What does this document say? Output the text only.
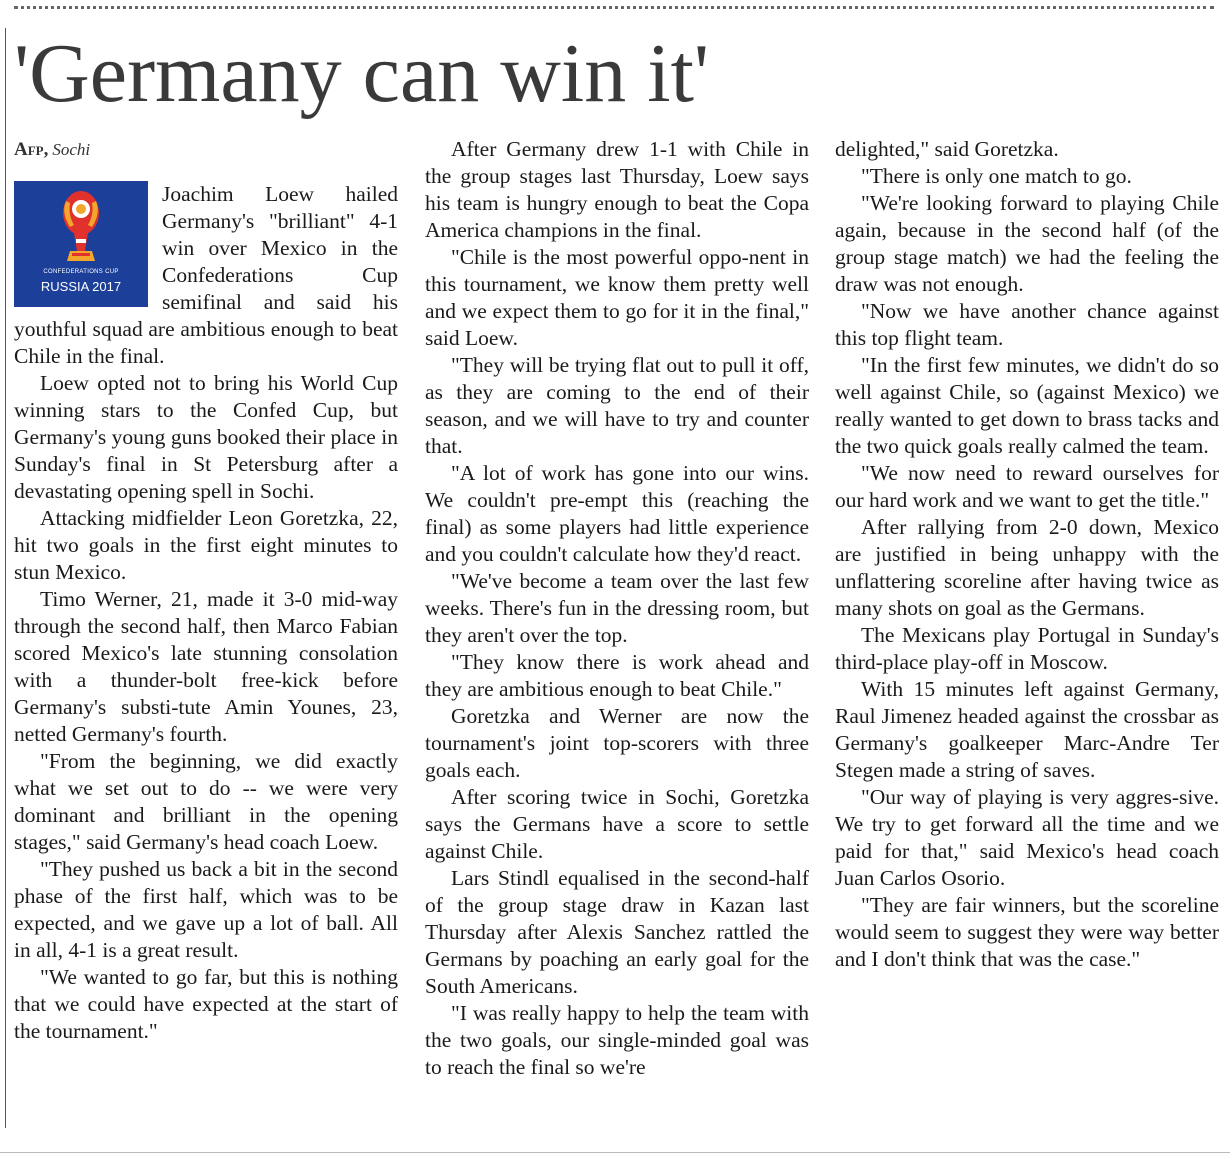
'Germany can win it'
Afp, Sochi
CONFEDERATIONS CUP
RUSSIA 2017

Joachim Loew hailed Germany's "brilliant" 4-1 win over Mexico in the Confederations Cup semifinal and said his youthful squad are ambitious enough to beat Chile in the final.

Loew opted not to bring his World Cup winning stars to the Confed Cup, but Germany's young guns booked their place in Sunday's final in St Petersburg after a devastating opening spell in Sochi.

Attacking midfielder Leon Goretzka, 22, hit two goals in the first eight minutes to stun Mexico.

Timo Werner, 21, made it 3-0 mid-way through the second half, then Marco Fabian scored Mexico's late stunning consolation with a thunder-bolt free-kick before Germany's substi-tute Amin Younes, 23, netted Germany's fourth.

"From the beginning, we did exactly what we set out to do -- we were very dominant and brilliant in the opening stages," said Germany's head coach Loew.

"They pushed us back a bit in the second phase of the first half, which was to be expected, and we gave up a lot of ball. All in all, 4-1 is a great result.

"We wanted to go far, but this is nothing that we could have expected at the start of the tournament."

After Germany drew 1-1 with Chile in the group stages last Thursday, Loew says his team is hungry enough to beat the Copa America champions in the final.

"Chile is the most powerful oppo-nent in this tournament, we know them pretty well and we expect them to go for it in the final," said Loew.

"They will be trying flat out to pull it off, as they are coming to the end of their season, and we will have to try and counter that.

"A lot of work has gone into our wins. We couldn't pre-empt this (reaching the final) as some players had little experience and you couldn't calculate how they'd react.

"We've become a team over the last few weeks. There's fun in the dressing room, but they aren't over the top.

"They know there is work ahead and they are ambitious enough to beat Chile."

Goretzka and Werner are now the tournament's joint top-scorers with three goals each.

After scoring twice in Sochi, Goretzka says the Germans have a score to settle against Chile.

Lars Stindl equalised in the second-half of the group stage draw in Kazan last Thursday after Alexis Sanchez rattled the Germans by poaching an early goal for the South Americans.

"I was really happy to help the team with the two goals, our single-minded goal was to reach the final so we're

delighted," said Goretzka.

"There is only one match to go.

"We're looking forward to playing Chile again, because in the second half (of the group stage match) we had the feeling the draw was not enough.

"Now we have another chance against this top flight team.

"In the first few minutes, we didn't do so well against Chile, so (against Mexico) we really wanted to get down to brass tacks and the two quick goals really calmed the team.

"We now need to reward ourselves for our hard work and we want to get the title."

After rallying from 2-0 down, Mexico are justified in being unhappy with the unflattering scoreline after having twice as many shots on goal as the Germans.

The Mexicans play Portugal in Sunday's third-place play-off in Moscow.

With 15 minutes left against Germany, Raul Jimenez headed against the crossbar as Germany's goalkeeper Marc-Andre Ter Stegen made a string of saves.

"Our way of playing is very aggres-sive. We try to get forward all the time and we paid for that," said Mexico's head coach Juan Carlos Osorio.

"They are fair winners, but the scoreline would seem to suggest they were way better and I don't think that was the case."
